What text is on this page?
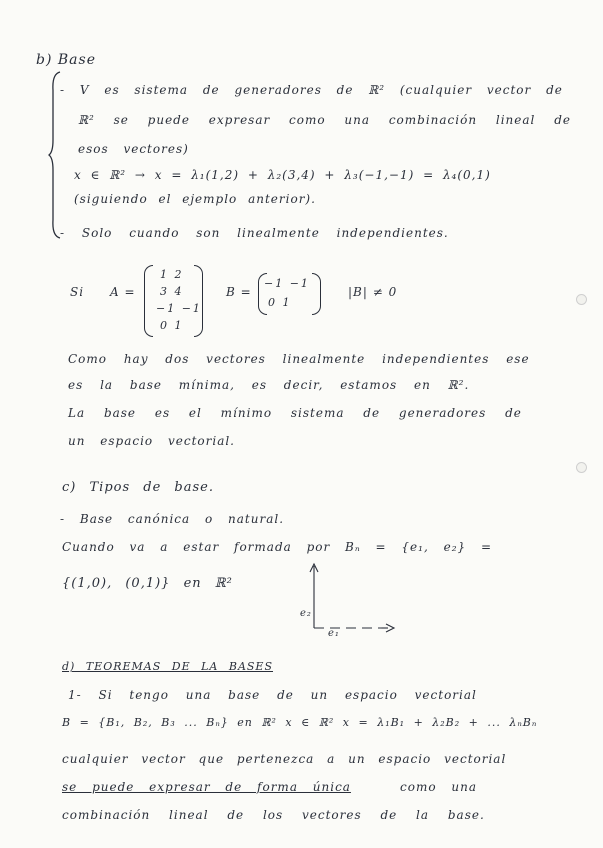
b) Base
- V es sistema de generadores de ℝ² (cualquier vector de
ℝ² se puede expresar como una combinación lineal de
esos vectores)
x ∈ ℝ² → x = λ₁(1,2) + λ₂(3,4) + λ₃(−1,−1) = λ₄(0,1)
(siguiendo el ejemplo anterior).
- Solo cuando son linealmente independientes.
Si A =
1 2
3 4
−1 −1
0 1
B =
−1 −1
0 1
|B| ≠ 0
Como hay dos vectores linealmente independientes ese
es la base mínima, es decir, estamos en ℝ².
La base es el mínimo sistema de generadores de
un espacio vectorial.
c) Tipos de base.
- Base canónica o natural.
Cuando va a estar formada por Bₙ = {e₁, e₂} =
{(1,0), (0,1)} en ℝ²
e₂
e₁
d) TEOREMAS DE LA BASES
1- Si tengo una base de un espacio vectorial
B = {B₁, B₂, B₃ ... Bₙ} en ℝ² x ∈ ℝ² x = λ₁B₁ + λ₂B₂ + ... λₙBₙ
cualquier vector que pertenezca a un espacio vectorial
se puede expresar de forma única	como una
combinación lineal de los vectores de la base.
